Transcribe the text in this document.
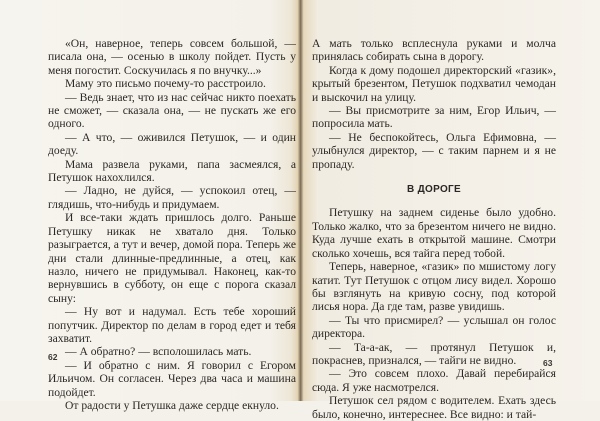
«Он, наверное, теперь совсем большой, — писала она, — осенью в школу пойдет. Пусть у меня погостит. Соскучилась я по внучку...»

Маму это письмо почему-то расстроило.

— Ведь знает, что из нас сейчас никто поехать не сможет, — сказала она, — не пускать же его одного.

— А что, — оживился Петушок, — и один доеду.

Мама развела руками, папа засмеялся, а Петушок нахохлился.

— Ладно, не дуйся, — успокоил отец, — глядишь, что-нибудь и придумаем.

И все-таки ждать пришлось долго. Раньше Петушку никак не хватало дня. Только разыграется, а тут и вечер, домой пора. Теперь же дни стали длинные-предлинные, а отец, как назло, ничего не придумывал. Наконец, как-то вернувшись в субботу, он еще с порога сказал сыну:

— Ну вот и надумал. Есть тебе хороший попутчик. Директор по делам в город едет и тебя захватит.

— А обратно? — всполошилась мать.

— И обратно с ним. Я говорил с Егором Ильичом. Он согласен. Через два часа и машина подойдет.

От радости у Петушка даже сердце екнуло.

62

А мать только всплеснула руками и молча принялась собирать сына в дорогу.

Когда к дому подошел директорский «газик», крытый брезентом, Петушок подхватил чемодан и выскочил на улицу.

— Вы присмотрите за ним, Егор Ильич, — попросила мать.

— Не беспокойтесь, Ольга Ефимовна, — улыбнулся директор, — с таким парнем и я не пропаду.

В ДОРОГЕ

Петушку на заднем сиденье было удобно. Только жалко, что за брезентом ничего не видно. Куда лучше ехать в открытой машине. Смотри сколько хочешь, вся тайга перед тобой.

Теперь, наверное, «газик» по мшистому логу катит. Тут Петушок с отцом лису видел. Хорошо бы взглянуть на кривую сосну, под которой лисья нора. Да где там, разве увидишь.

— Ты что присмирел? — услышал он голос директора.

— Та-а-ак, — протянул Петушок и, покраснев, признался, — тайги не видно.

— Это совсем плохо. Давай перебирайся сюда. Я уже насмотрелся.

Петушок сел рядом с водителем. Ехать здесь было, конечно, интереснее. Все видно: и тай-

63
